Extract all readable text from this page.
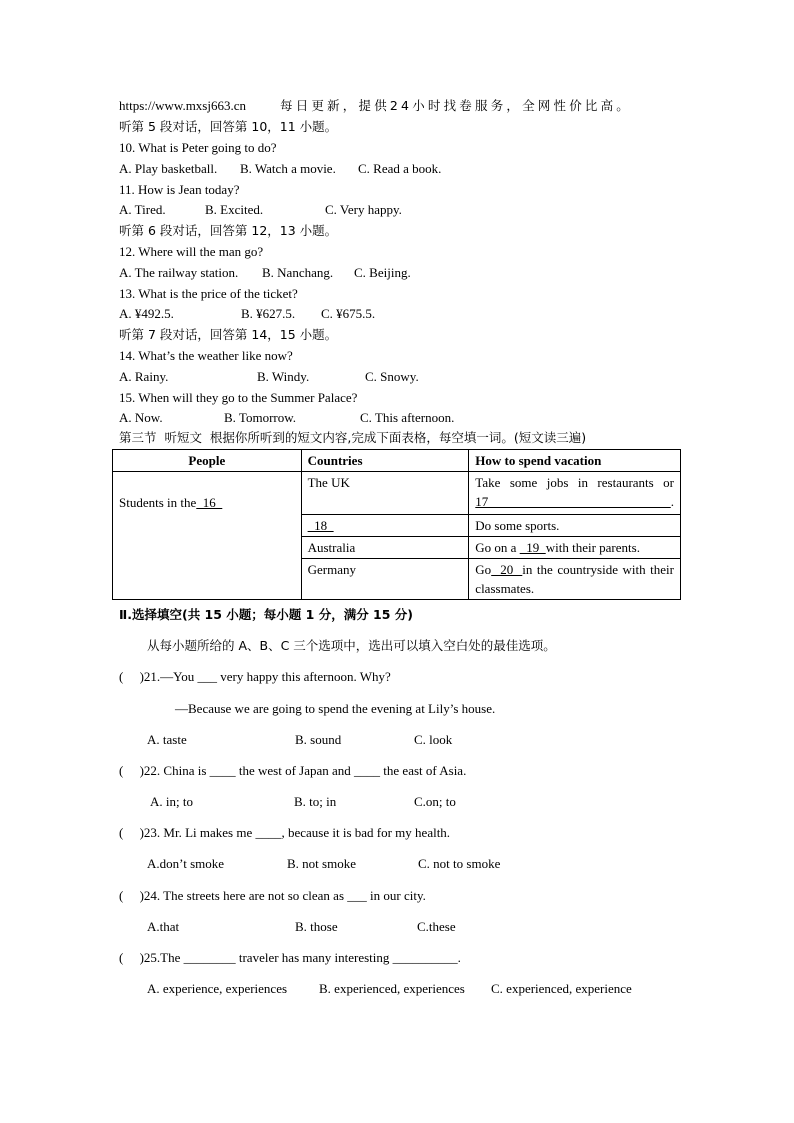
https://www.mxsj663.cn	每日更新，提供24小时找卷服务，全网性价比高。
听第 5 段对话，回答第 10，11 小题。
10. What is Peter going to do?
A. Play basketball. B. Watch a movie. C. Read a book.
11. How is Jean today?
A. Tired.	B. Excited.	C. Very happy.
听第 6 段对话，回答第 12，13 小题。
12. Where will the man go?
A. The railway station. B. Nanchang. C. Beijing.
13. What is the price of the ticket?
A. ¥492.5.	B. ¥627.5. C. ¥675.5.
听第 7 段对话，回答第 14，15 小题。
14. What’s the weather like now?
A. Rainy.	B. Windy.	C. Snowy.
15. When will they go to the Summer Palace?
A. Now.	B. Tomorrow.	C. This afternoon.
第三节  听短文  根据你所听到的短文内容,完成下面表格，每空填一词。(短文读三遍)
People	Countries	How to spend vacation
Students in the  16	The UK	Take some jobs in restaurants or
17  .
	18	Do some sports.
	Australia	Go on a   19  with their parents.
	Germany	Go  20  in the countryside with their classmates.
Ⅱ.选择填空(共 15 小题；每小题 1 分，满分 15 分)
从每小题所给的 A、B、C 三个选项中，选出可以填入空白处的最佳选项。
(     )21.—You ___ very happy this afternoon. Why?
—Because we are going to spend the evening at Lily’s house.
A. taste	B. sound	C. look
(     )22. China is ____ the west of Japan and ____ the east of Asia.
A. in; to	B. to; in	C.on; to
(     )23. Mr. Li makes me ____, because it is bad for my health.
A.don’t smoke	B. not smoke	C. not to smoke
(     )24. The streets here are not so clean as ___ in our city.
A.that	B. those	C.these
(     )25.The ________ traveler has many interesting __________.
A. experience, experiences B. experienced, experiences C. experienced, experience
